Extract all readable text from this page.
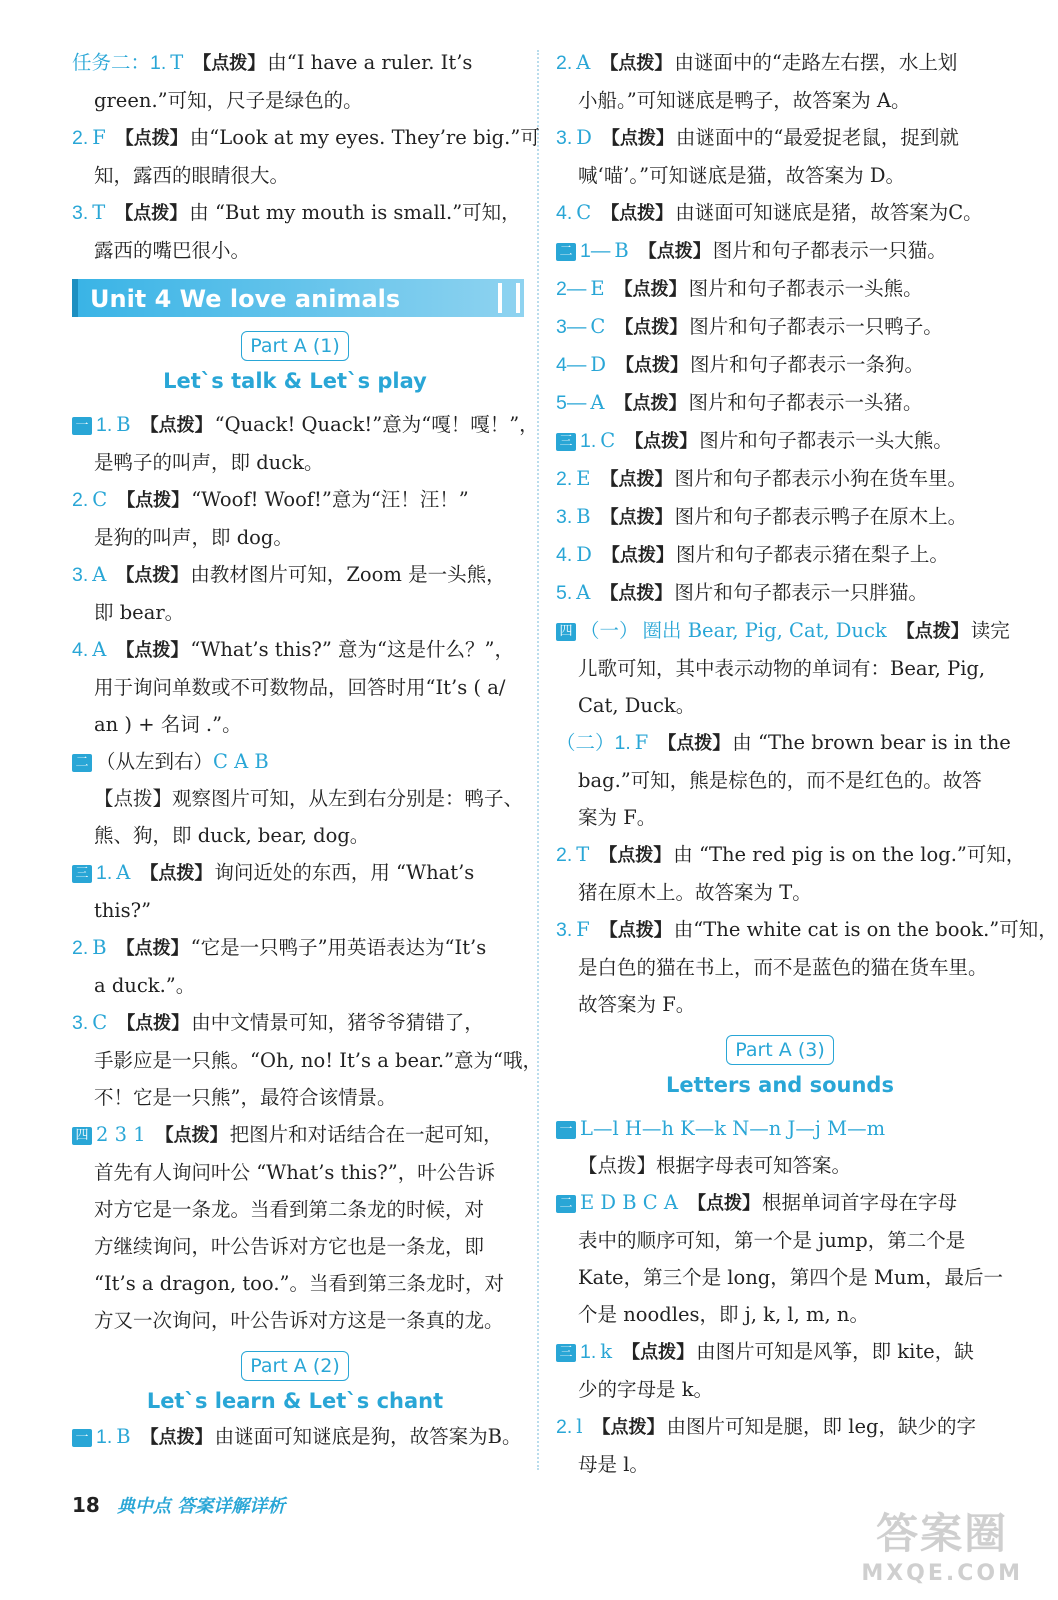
任务二：1. T 【点拨】 由“I have a ruler. It’s
green.”可知，尺子是绿色的。
2. F 【点拨】 由“Look at my eyes. They’re big.”可
知，露西的眼睛很大。
3. T 【点拨】 由 “But my mouth is small.”可知，
露西的嘴巴很小。
Unit 4 We love animals
Part A (1)
Let`s talk & Let`s play
一 1. B 【点拨】 “Quack! Quack!”意为“嘎！嘎！”，
是鸭子的叫声，即 duck。
2. C 【点拨】 “Woof! Woof!”意为“汪！汪！”
是狗的叫声，即 dog。
3. A 【点拨】 由教材图片可知，Zoom 是一头熊，
即 bear。
4. A 【点拨】 “What’s this?” 意为“这是什么？”，
用于询问单数或不可数物品，回答时用“It’s ( a/
an ) + 名词 .”。
二 （从左到右）C A B
【点拨】观察图片可知，从左到右分别是：鸭子、
熊、狗，即 duck, bear, dog。
三 1. A 【点拨】 询问近处的东西，用 “What’s
this?”
2. B 【点拨】 “它是一只鸭子”用英语表达为“It’s
a duck.”。
3. C 【点拨】 由中文情景可知，猪爷爷猜错了，
手影应是一只熊。“Oh, no! It’s a bear.”意为“哦，
不！它是一只熊”，最符合该情景。
四 2 3 1 【点拨】 把图片和对话结合在一起可知，
首先有人询问叶公 “What’s this?”，叶公告诉
对方它是一条龙。当看到第二条龙的时候，对
方继续询问，叶公告诉对方它也是一条龙，即
“It’s a dragon, too.”。当看到第三条龙时，对
方又一次询问，叶公告诉对方这是一条真的龙。
Part A (2)
Let`s learn & Let`s chant
一 1. B 【点拨】 由谜面可知谜底是狗，故答案为B。
2. A 【点拨】 由谜面中的“走路左右摆，水上划
小船。”可知谜底是鸭子，故答案为 A。
3. D 【点拨】 由谜面中的“最爱捉老鼠，捉到就
喊‘喵’。”可知谜底是猫，故答案为 D。
4. C 【点拨】 由谜面可知谜底是猪，故答案为C。
二 1— B 【点拨】 图片和句子都表示一只猫。
2— E 【点拨】 图片和句子都表示一头熊。
3— C 【点拨】 图片和句子都表示一只鸭子。
4— D 【点拨】 图片和句子都表示一条狗。
5— A 【点拨】 图片和句子都表示一头猪。
三 1. C 【点拨】 图片和句子都表示一头大熊。
2. E 【点拨】 图片和句子都表示小狗在货车里。
3. B 【点拨】 图片和句子都表示鸭子在原木上。
4. D 【点拨】 图片和句子都表示猪在梨子上。
5. A 【点拨】 图片和句子都表示一只胖猫。
四 （一） 圈出 Bear, Pig, Cat, Duck 【点拨】 读完
儿歌可知，其中表示动物的单词有：Bear, Pig,
Cat, Duck。
（二）1. F 【点拨】 由 “The brown bear is in the
bag.”可知，熊是棕色的，而不是红色的。故答
案为 F。
2. T 【点拨】 由 “The red pig is on the log.”可知，
猪在原木上。故答案为 T。
3. F 【点拨】 由“The white cat is on the book.”可知，
是白色的猫在书上，而不是蓝色的猫在货车里。
故答案为 F。
Part A (3)
Letters and sounds
一 L—l H—h K—k N—n J—j M—m
【点拨】根据字母表可知答案。
二 E D B C A 【点拨】 根据单词首字母在字母
表中的顺序可知，第一个是 jump，第二个是
Kate，第三个是 long，第四个是 Mum，最后一
个是 noodles，即 j, k, l, m, n。
三 1. k 【点拨】 由图片可知是风筝，即 kite，缺
少的字母是 k。
2. l 【点拨】 由图片可知是腿，即 leg，缺少的字
母是 l。
18 典中点 答案详解详析
答案圈
MXQE.COM
